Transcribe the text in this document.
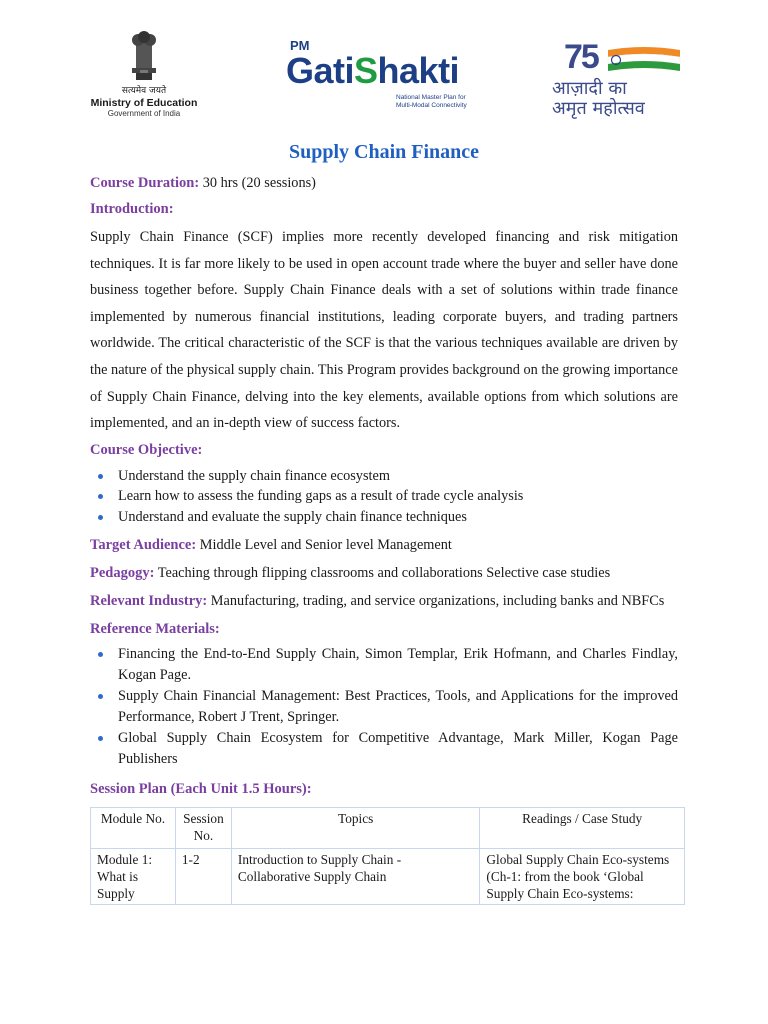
सत्यमेव जयते
Ministry of Education
Government of India
PM
GatiShakti
National Master Plan for
Multi-Modal Connectivity
75
आज़ादी का
अमृत महोत्सव
Supply Chain Finance

Course Duration: 30 hrs (20 sessions)

Introduction:

Supply Chain Finance (SCF) implies more recently developed financing and risk mitigation techniques. It is far more likely to be used in open account trade where the buyer and seller have done business together before. Supply Chain Finance deals with a set of solutions within trade finance implemented by numerous financial institutions, leading corporate buyers, and trading partners worldwide. The critical characteristic of the SCF is that the various techniques available are driven by the nature of the physical supply chain. This Program provides background on the growing importance of Supply Chain Finance, delving into the key elements, available options from which solutions are implemented, and an in-depth view of success factors.

Course Objective:
Understand the supply chain finance ecosystem
Learn how to assess the funding gaps as a result of trade cycle analysis
Understand and evaluate the supply chain finance techniques

Target Audience: Middle Level and Senior level Management

Pedagogy: Teaching through flipping classrooms and collaborations Selective case studies

Relevant Industry: Manufacturing, trading, and service organizations, including banks and NBFCs

Reference Materials:
Financing the End-to-End Supply Chain, Simon Templar, Erik Hofmann, and Charles Findlay, Kogan Page.
Supply Chain Financial Management: Best Practices, Tools, and Applications for the improved Performance, Robert J Trent, Springer.
Global Supply Chain Ecosystem for Competitive Advantage, Mark Miller, Kogan Page Publishers
Session Plan (Each Unit 1.5 Hours):
Module No.	Session No.	Topics	Readings / Case Study
Module 1: What is Supply	1-2	Introduction to Supply Chain - Collaborative Supply Chain	Global Supply Chain Eco-systems (Ch-1: from the book ‘Global Supply Chain Eco-systems:
